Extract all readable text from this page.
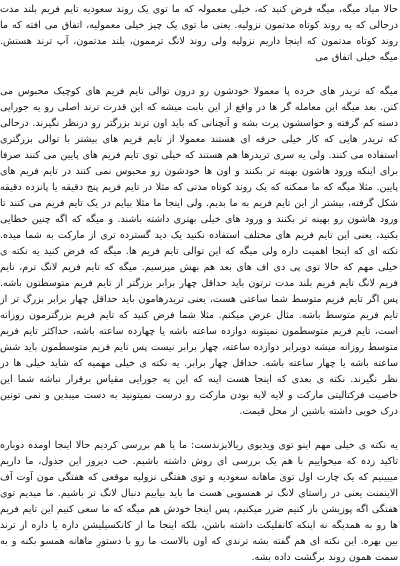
حالا میاد میگه، میگه فرض کنید که، خیلی معمولہ که ما توی یک روند سعودیه تایم فریم بلند مدت درحالی که یه روند کوتاه مدتمون نزولیه. یعنی ما توی یک چیز خیلی معمولیه، اتفاق می افته که ما روند کوتاه مدتمون که اینجا داریم نزولیه ولی روند لانگ ترممون، بلند مدتمون، آپ ترند هستش. میگه خیلی اتفاق می

میگه که تریدر های خرده پا معمولا خودشون رو درون توالی تایم فریم های کوچیک محبوس می کنن. بعد میگه این معامله گر ها در واقع از این بابت میشه که این قدرت ترند اصلی رو یه جورایی دسته کم گرفته و حواسشون پرت بشه و آنچنانی که باید اون ترند بزرگتر رو درنظر نگیرند. درحالی که ترید‌ر هایی که کار خیلی حرفه ای هستند معمولا از تایم فریم های بیشتر با توالی بزرگتری استفاده می کنند. ولی یه سری تریدرها هم هستند که خیلی توی تایم فریم های پایین می کنند صرفا برای اینکه ورود هاشون بهینه تر بکنند و اون ها خودشون رو محبوس نمی کنند در تایم فریم های پایین. مثلا میگه که ما ممکنه که یک روند کوتاه مدتی که مثلا در تایم فریم پنج دقیقه یا پانزده دقیقه شکل گرفته، بیشتر از این تایم فریم به ما بدیم. ولی اینجا ما مثلا بیایم در یک تایم فریم می کنند تا ورود هاشون رو بهینه تر بکنند و ورود های خیلی بهتری داشته باشند. و میگه که اگه چنین خطایی بکنید، یعنی این تایم فریم های مختلف استفاده نکنید یک دید گسترده تری از مارکت به شما میده. نکته ای که اینجا اهمیت داره ولی میگه که این توالی تایم فریم ها. میگه که فرض کنید یه نکته ی خیلی مهم که حالا توی پی دی اف های بعد هم بهش میرسیم. میگه که تایم فریم لانگ ترم، تایم فریم لانگ تایم فریم بلند مدت ترتون باید حداقل چهار برابر بزرگتر از تایم فریم متوسطتون باشه. پس اگر تایم فریم متوسط شما ساعتی هست، یعنی تریدرهامون باید حداقل چهار برابر بزرگ تر از تایم فریم متوسط باشه. مثال عرض میکنم. مثلا شما فرض کنید که تایم فریم بزرگترمون روزانه است، تایم فریم متوسطمون نمیتونه دوازده ساعته باشه یا چهارده ساعته باشه، حداکثر تایم فریم متوسط روزانه میشه دوبرابر دوازده ساعته، چهار برابر نیست پس تایم فریم متوسطمون باید شش ساعته باشه یا چهار ساعته باشه. حداقل چهار برابر. یه نکته ی خیلی مهمیه که شاید خیلی ها در نظر نگیرند. نکته ی بعدی که اینجا هست اینه که این یه جورایی مقیاس برقرار نباشه شما این خاصیت فرکتالیتی مارکت و لایه لایه بودن مارکت رو درست نمیتونید به دست میبدین و نمی تونین درک خوبی داشته باشین از محل قیمت.

یه نکته ی خیلی مهم اینو توی ویدیوی ریالایزندست: ما یا هم بررسی کردیم حالا اینجا اومده دوباره تاکید زده که میخواییم با هم یک بررسی ای روش داشته باشیم. خب دیروز این جدول، ما داریم میبینیم که یک چارت اول توی ماهانه سعودیه و توی هفتگی نزولیه موقعی که هفتگی مون آوت آف الاینمنت یعنی در راستای لانگ تر همسویی هست ما باید بیاییم دنبال لانگ تر باشیم. ما میدیم توی هفتگی اگه پوزیشن باز کنیم ضرر میکنیم، پس اینجا خودش هم میگه که ما سعی کنیم این تایم فریم ها رو به همدیگه نه اینکه کانفلیکت داشته باشن، بلکه اینجا ما از کانکسیلیشن داره یا داره از ترند بین بهره. این نکته ای هم گفته بشه ترندی که اون بالاست ما رو با دستورِ ماهانه همسو بکنه و به سمت همون روند برگشت داده بشه.
